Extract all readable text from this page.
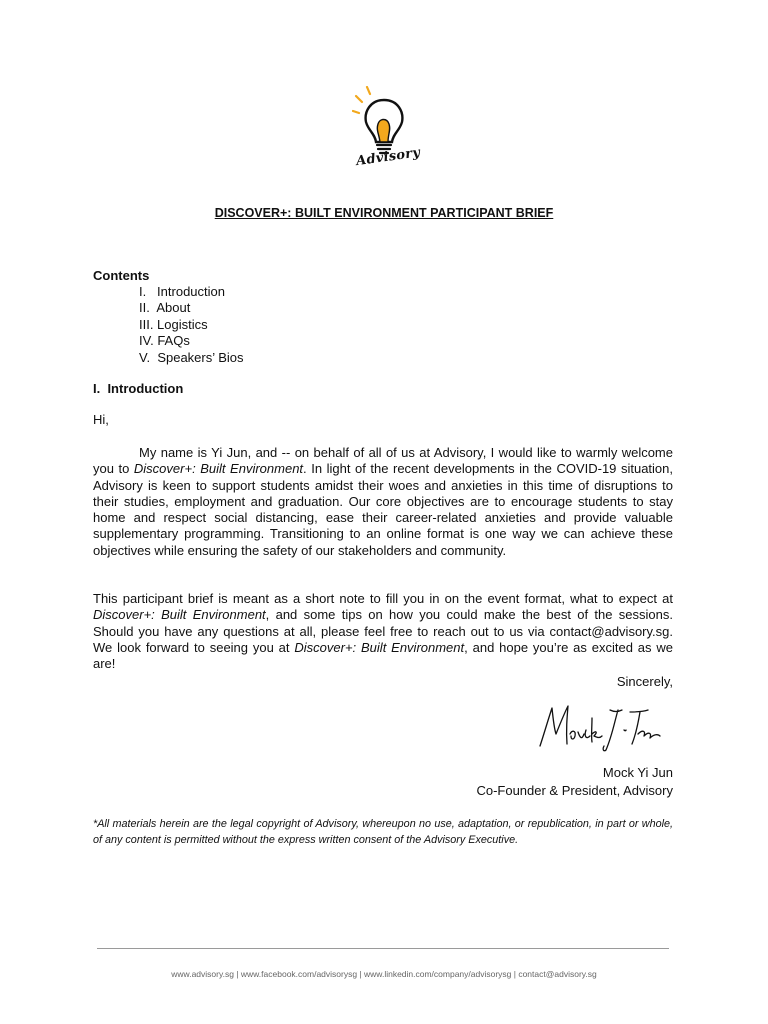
Advisory
DISCOVER+: BUILT ENVIRONMENT PARTICIPANT BRIEF
Contents
I.   Introduction
II.  About
III. Logistics
IV. FAQs
V.  Speakers’ Bios
I.  Introduction
Hi,

My name is Yi Jun, and -- on behalf of all of us at Advisory, I would like to warmly welcome you to Discover+: Built Environment. In light of the recent developments in the COVID-19 situation, Advisory is keen to support students amidst their woes and anxieties in this time of disruptions to their studies, employment and graduation. Our core objectives are to encourage students to stay home and respect social distancing, ease their career-related anxieties and provide valuable supplementary programming. Transitioning to an online format is one way we can achieve these objectives while ensuring the safety of our stakeholders and community.

This participant brief is meant as a short note to fill you in on the event format, what to expect at Discover+: Built Environment, and some tips on how you could make the best of the sessions. Should you have any questions at all, please feel free to reach out to us via contact@advisory.sg. We look forward to seeing you at Discover+: Built Environment, and hope you’re as excited as we are!

Sincerely,
Mock Yi Jun
Co-Founder & President, Advisory

*All materials herein are the legal copyright of Advisory, whereupon no use, adaptation, or republication, in part or whole, of any content is permitted without the express written consent of the Advisory Executive.

www.advisory.sg | www.facebook.com/advisorysg | www.linkedin.com/company/advisorysg | contact@advisory.sg
